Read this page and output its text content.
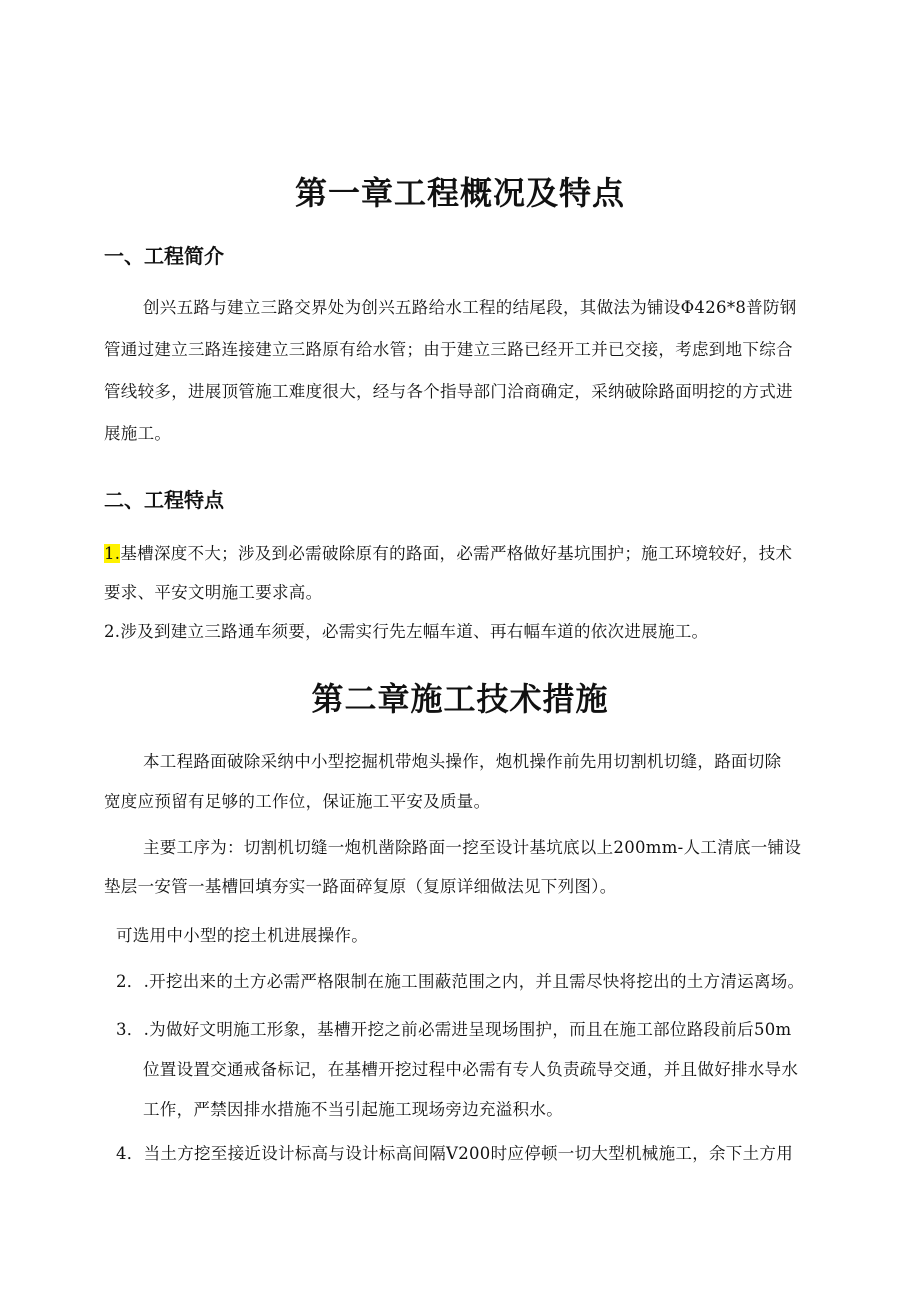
第一章工程概况及特点
一、工程简介

创兴五路与建立三路交界处为创兴五路给水工程的结尾段，其做法为铺设Φ426*8普防钢

管通过建立三路连接建立三路原有给水管；由于建立三路已经开工并已交接，考虑到地下综合

管线较多，进展顶管施工难度很大，经与各个指导部门洽商确定，采纳破除路面明挖的方式进

展施工。

二、工程特点

1.基槽深度不大；涉及到必需破除原有的路面，必需严格做好基坑围护；施工环境较好，技术

要求、平安文明施工要求高。

2.涉及到建立三路通车须要，必需实行先左幅车道、再右幅车道的依次进展施工。

第二章施工技术措施

本工程路面破除采纳中小型挖掘机带炮头操作，炮机操作前先用切割机切缝，路面切除

宽度应预留有足够的工作位，保证施工平安及质量。

主要工序为：切割机切缝一炮机凿除路面一挖至设计基坑底以上200mm-人工清底一铺设

垫层一安管一基槽回填夯实一路面碎复原（复原详细做法见下列图）。

可选用中小型的挖土机进展操作。

2．.开挖出来的土方必需严格限制在施工围蔽范围之内，并且需尽快将挖出的土方清运离场。

3．.为做好文明施工形象，基槽开挖之前必需进呈现场围护，而且在施工部位路段前后50m

位置设置交通戒备标记，在基槽开挖过程中必需有专人负责疏导交通，并且做好排水导水

工作，严禁因排水措施不当引起施工现场旁边充溢积水。

4．当土方挖至接近设计标高与设计标高间隔V200时应停顿一切大型机械施工，余下土方用
